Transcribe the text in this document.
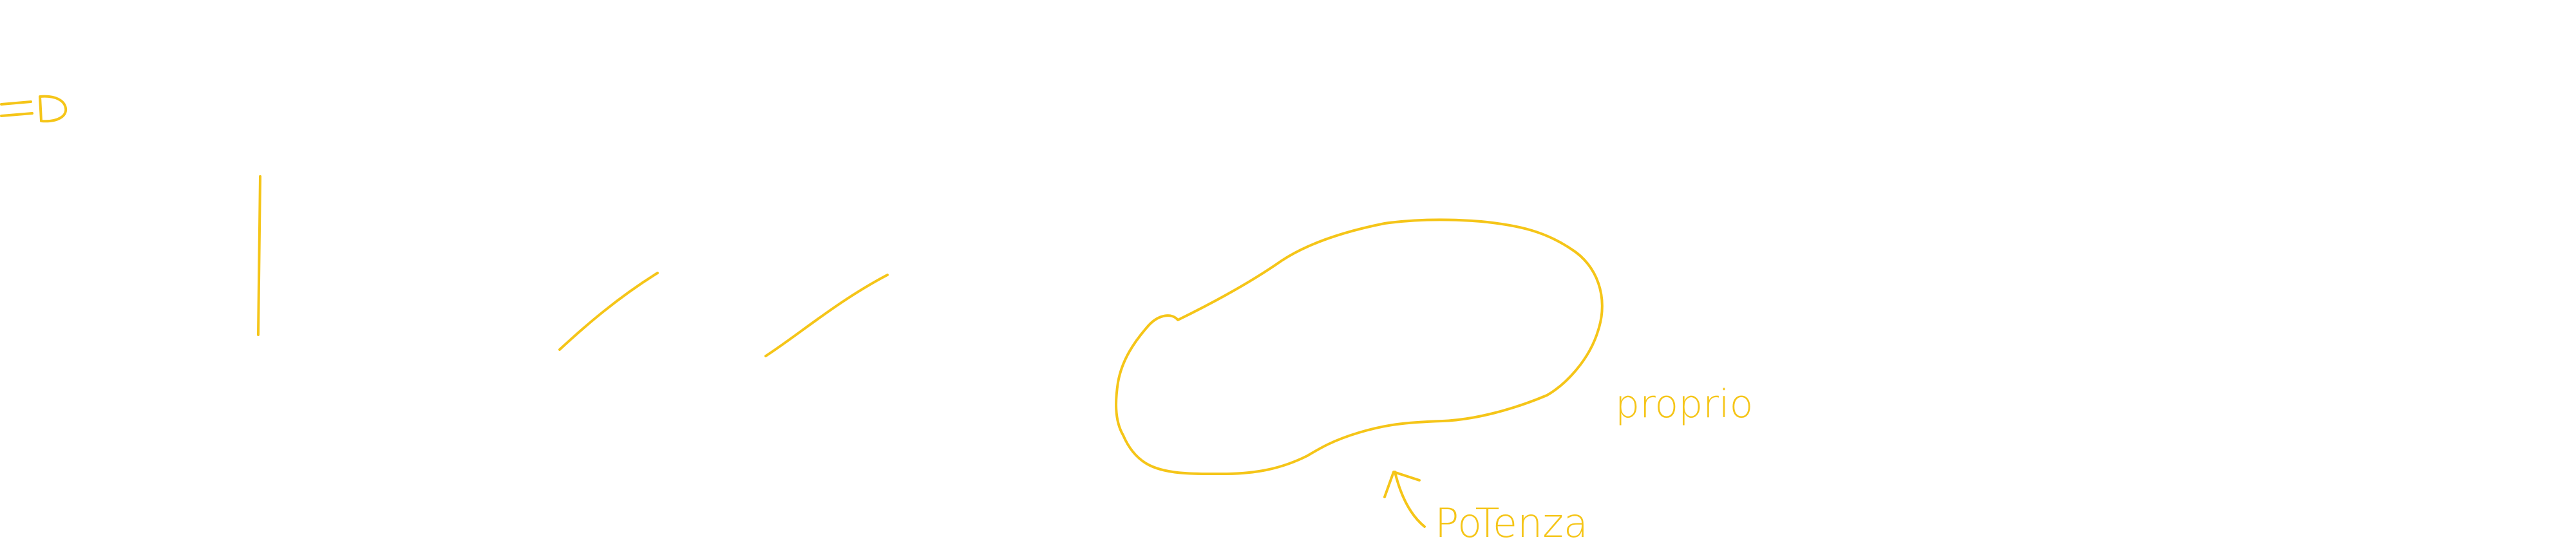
proprio
PoTenza
